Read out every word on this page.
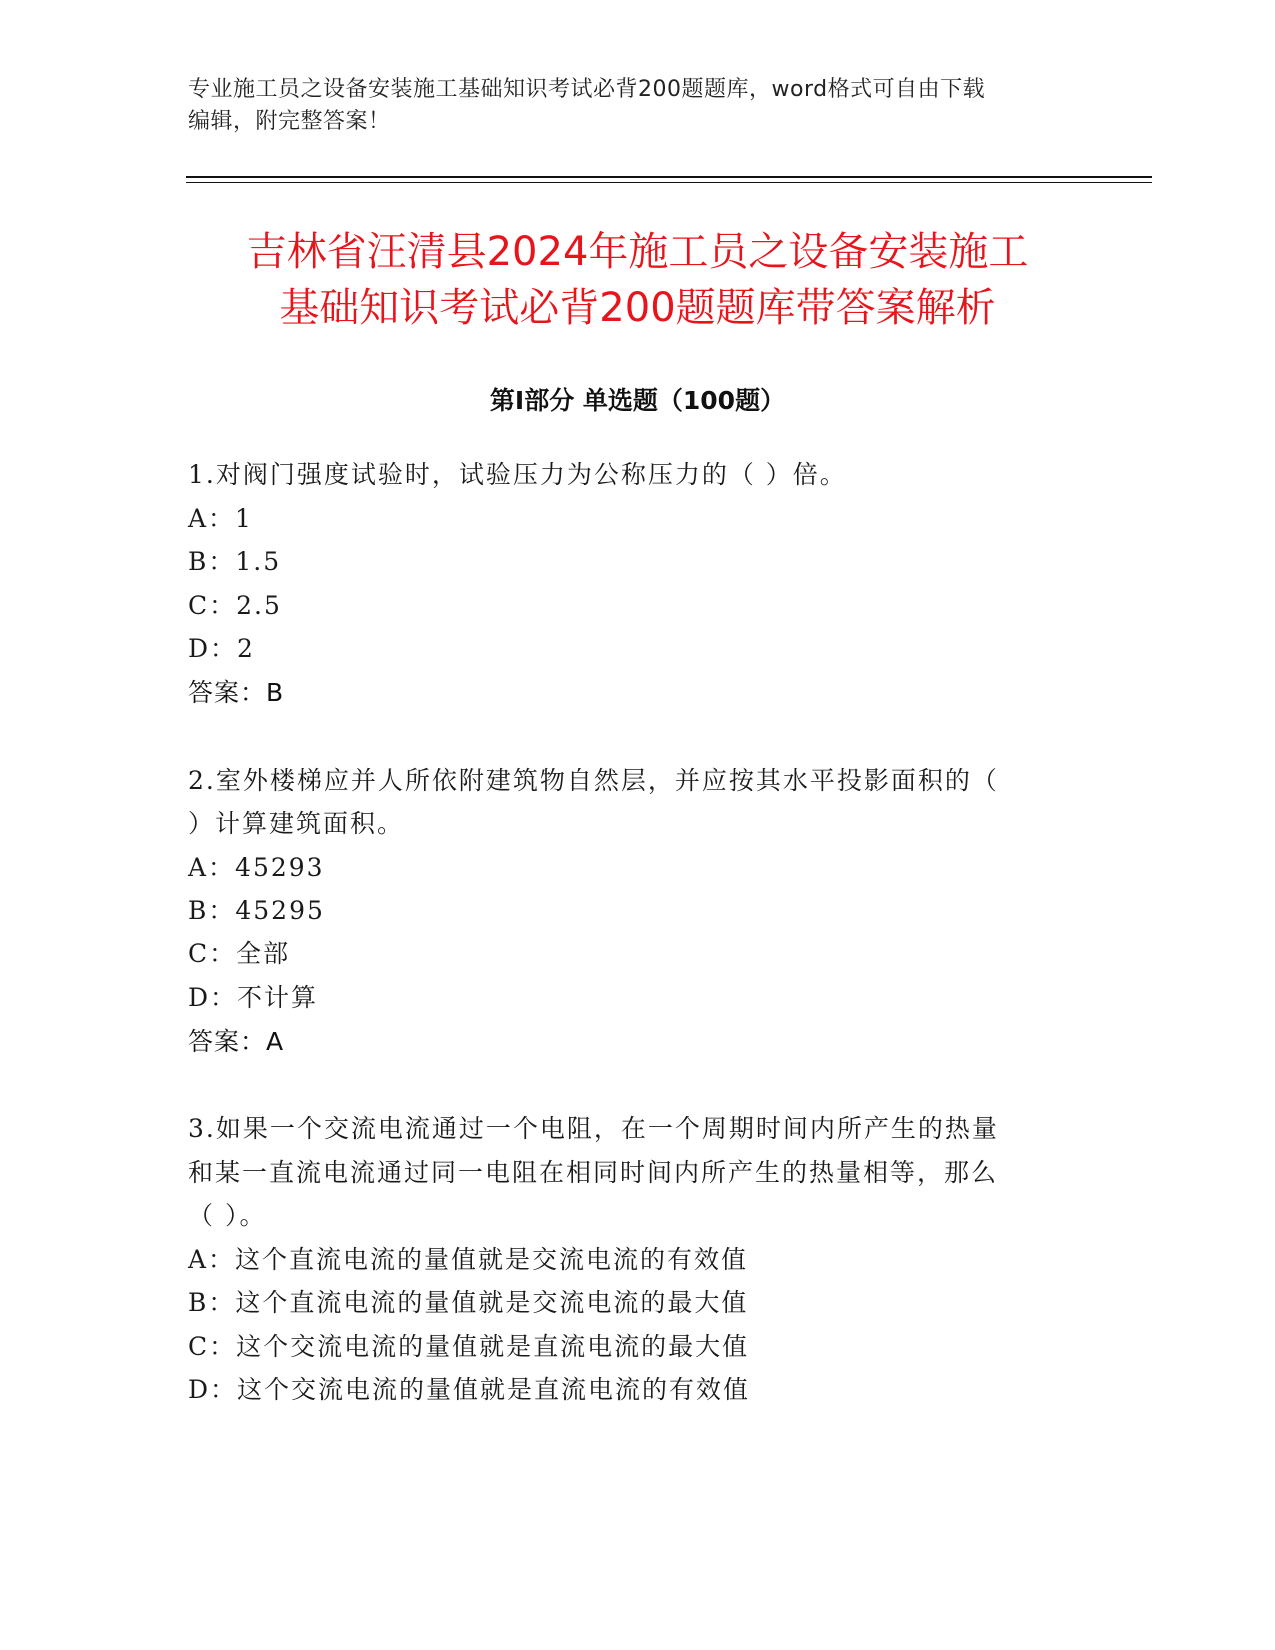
专业施工员之设备安装施工基础知识考试必背200题题库，word格式可自由下载
编辑，附完整答案！
吉林省汪清县2024年施工员之设备安装施工
基础知识考试必背200题题库带答案解析
第Ⅰ部分 单选题（100题）
1.对阀门强度试验时，试验压力为公称压力的（ ）倍。
A：1
B：1.5
C：2.5
D：2
答案：B
2.室外楼梯应并人所依附建筑物自然层，并应按其水平投影面积的（
）计算建筑面积。
A：45293
B：45295
C：全部
D：不计算
答案：A
3.如果一个交流电流通过一个电阻，在一个周期时间内所产生的热量
和某一直流电流通过同一电阻在相同时间内所产生的热量相等，那么
（ ）。
A：这个直流电流的量值就是交流电流的有效值
B：这个直流电流的量值就是交流电流的最大值
C：这个交流电流的量值就是直流电流的最大值
D：这个交流电流的量值就是直流电流的有效值
